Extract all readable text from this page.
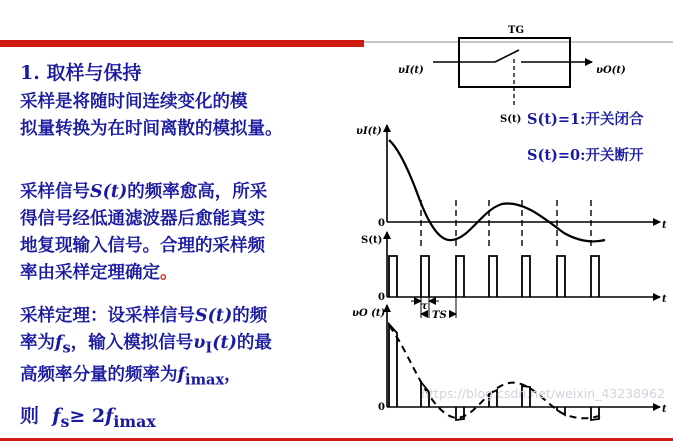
1. 取样与保持
采样是将随时间连续变化的模
拟量转换为在时间离散的模拟量。
采样信号S(t)的频率愈高，所采
得信号经低通滤波器后愈能真实
地复现输入信号。合理的采样频
率由采样定理确定。
采样定理：设采样信号S(t)的频
率为$f_s$，输入模拟信号$\upsilon_I(t)$的最
高频率分量的频率为$f_{imax}$，
则 $f_s\ge 2f_{imax}$
S(t)=1:开关闭合
S(t)=0:开关断开
TG
υI(t)	υO(t)
S(t)
τ
TS
υI(t)
0	t
S(t)
0	t
υO (t)
0	t
https://blog.csdn.net/weixin_43238962
